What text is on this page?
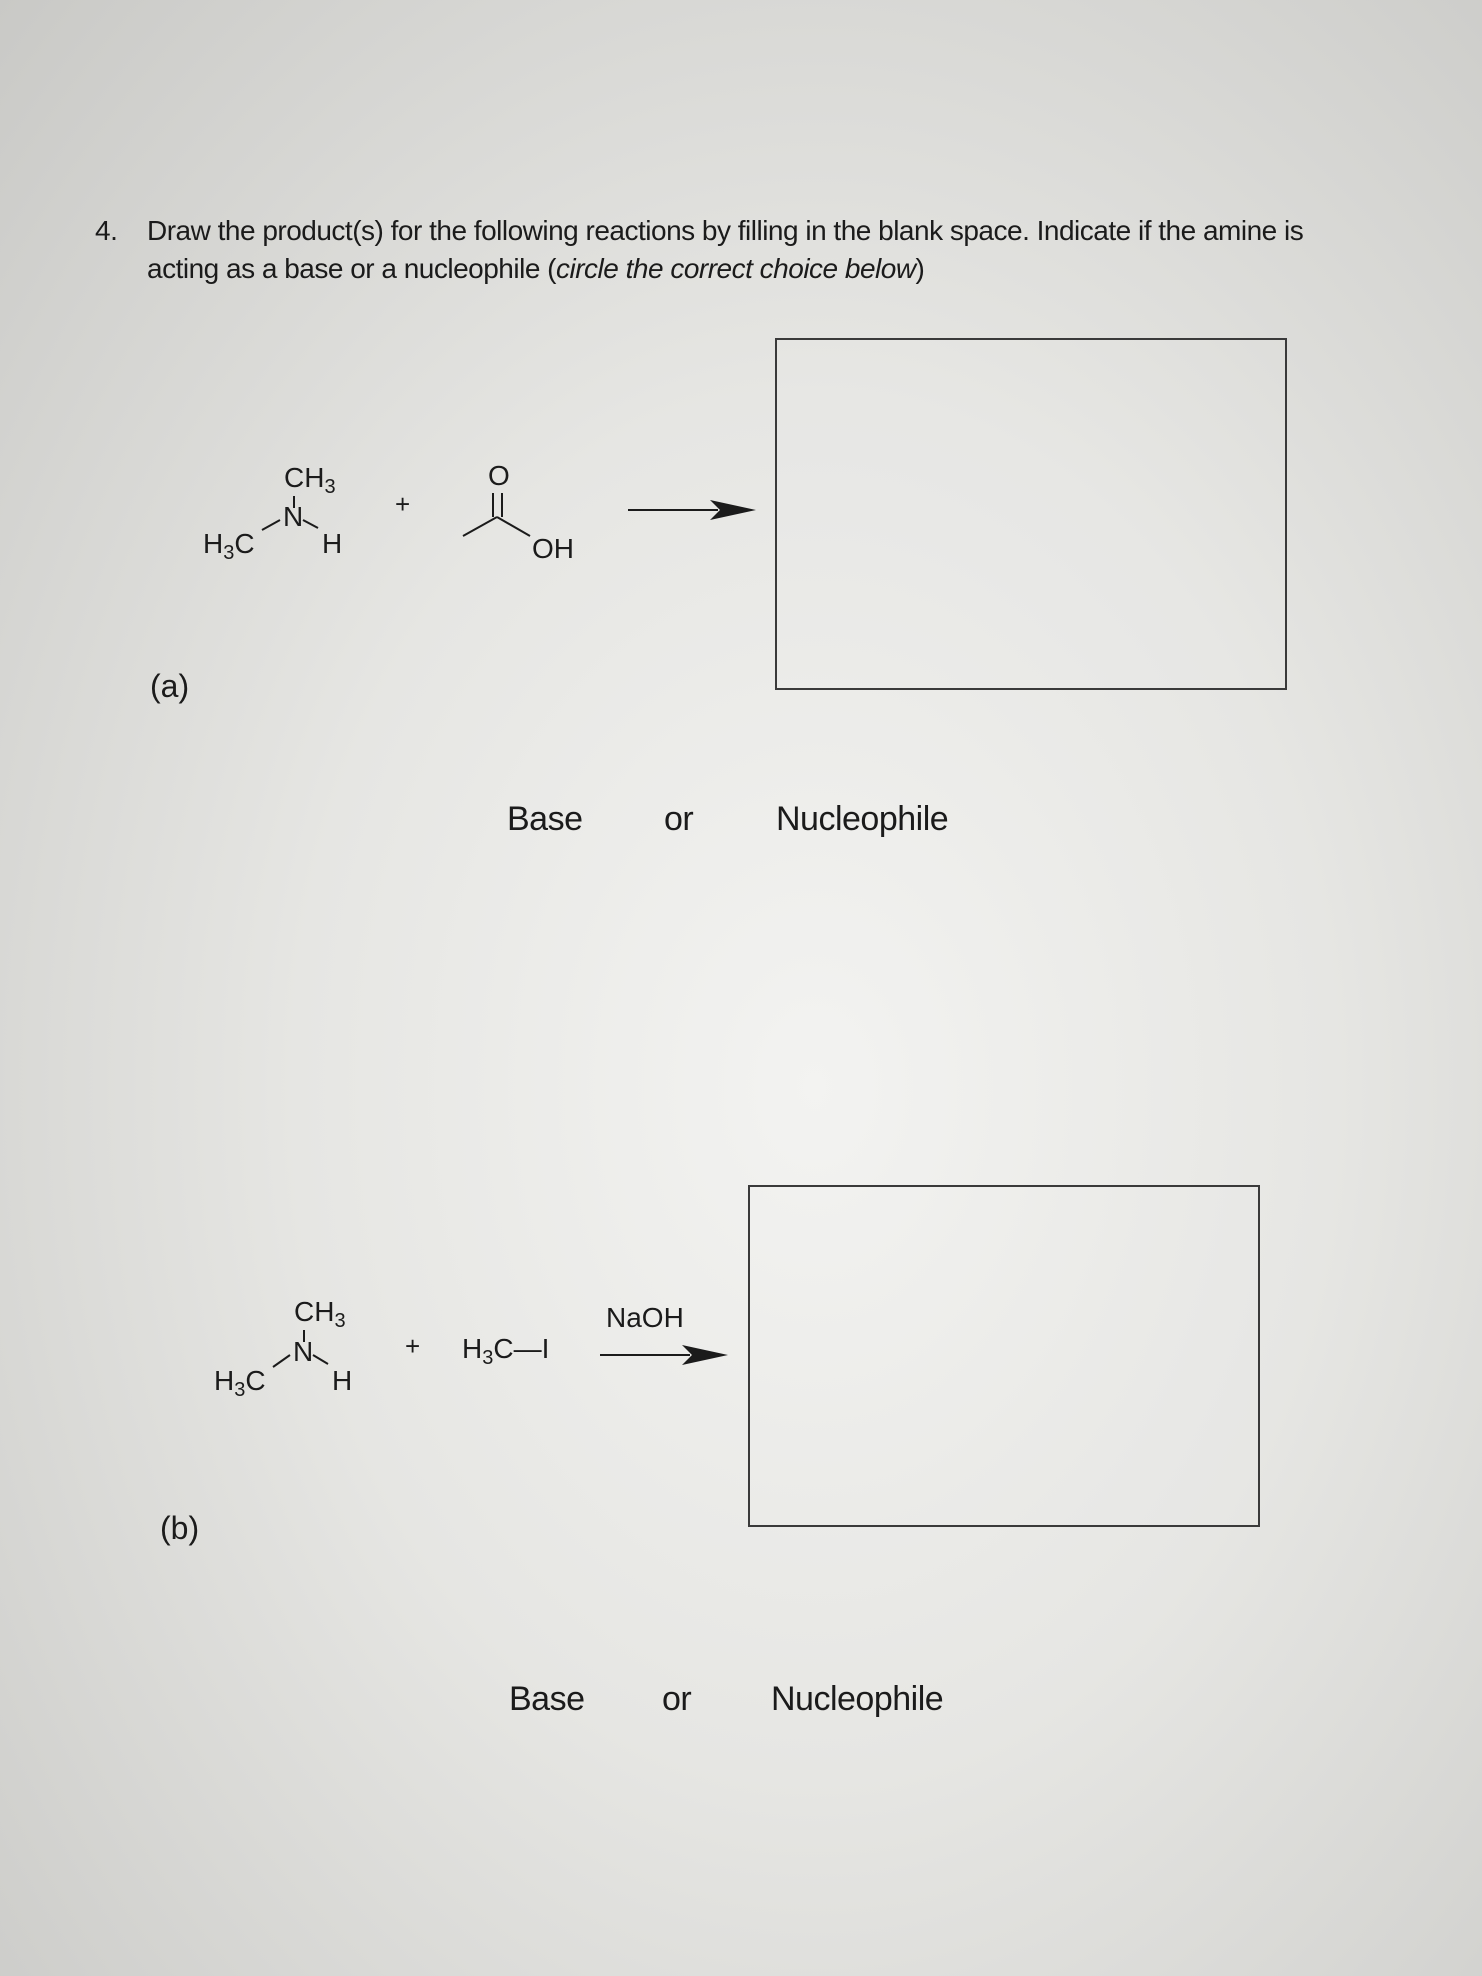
4. Draw the product(s) for the following reactions by filling in the blank space. Indicate if the amine is acting as a base or a nucleophile (circle the correct choice below)
$CH_3$
N
$H_3C$ H
+
O
OH
$CH_3$
N
$H_3C$ H
+ $H_3C—I$
NaOH
(a)
(b)
Base or Nucleophile
Base or Nucleophile
